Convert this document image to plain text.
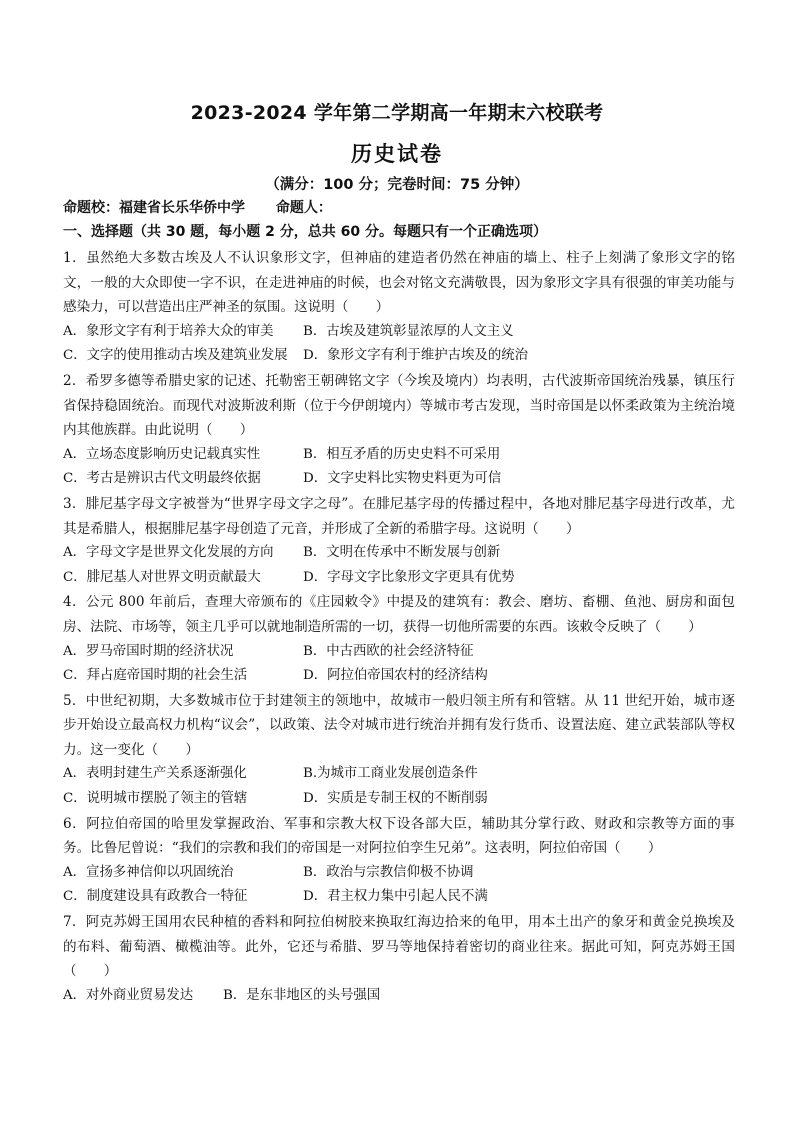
2023-2024 学年第二学期高一年期末六校联考
历史试卷
（满分：100 分；完卷时间：75 分钟）
命题校：福建省长乐华侨中学 命题人：
一、选择题（共 30 题，每小题 2 分，总共 60 分。每题只有一个正确选项）
1．虽然绝大多数古埃及人不认识象形文字，但神庙的建造者仍然在神庙的墙上、柱子上刻满了象形文字的铭文，一般的大众即使一字不识，在走进神庙的时候，也会对铭文充满敬畏，因为象形文字具有很强的审美功能与感染力，可以营造出庄严神圣的氛围。这说明（　　）
A．象形文字有利于培养大众的审美	B．古埃及建筑彰显浓厚的人文主义
C．文字的使用推动古埃及建筑业发展	D．象形文字有利于维护古埃及的统治
2．希罗多德等希腊史家的记述、托勒密王朝碑铭文字（今埃及境内）均表明，古代波斯帝国统治残暴，镇压行省保持稳固统治。而现代对波斯波利斯（位于今伊朗境内）等城市考古发现，当时帝国是以怀柔政策为主统治境内其他族群。由此说明（　　）
A．立场态度影响历史记载真实性	B．相互矛盾的历史史料不可采用
C．考古是辨识古代文明最终依据	D．文字史料比实物史料更为可信
3．腓尼基字母文字被誉为“世界字母文字之母”。在腓尼基字母的传播过程中，各地对腓尼基字母进行改革，尤其是希腊人，根据腓尼基字母创造了元音，并形成了全新的希腊字母。这说明（　　）
A．字母文字是世界文化发展的方向	B．文明在传承中不断发展与创新
C．腓尼基人对世界文明贡献最大	D．字母文字比象形文字更具有优势
4．公元 800 年前后，查理大帝颁布的《庄园敕令》中提及的建筑有：教会、磨坊、畜棚、鱼池、厨房和面包房、法院、市场等，领主几乎可以就地制造所需的一切，获得一切他所需要的东西。该敕令反映了（　　）
A．罗马帝国时期的经济状况	B．中古西欧的社会经济特征
C．拜占庭帝国时期的社会生活	D．阿拉伯帝国农村的经济结构
5．中世纪初期，大多数城市位于封建领主的领地中，故城市一般归领主所有和管辖。从 11 世纪开始，城市逐步开始设立最高权力机构“议会”，以政策、法令对城市进行统治并拥有发行货币、设置法庭、建立武装部队等权力。这一变化（　　）
A．表明封建生产关系逐渐强化	B.为城市工商业发展创造条件
C．说明城市摆脱了领主的管辖	D．实质是专制王权的不断削弱
6．阿拉伯帝国的哈里发掌握政治、军事和宗教大权下设各部大臣，辅助其分掌行政、财政和宗教等方面的事务。比鲁尼曾说：“我们的宗教和我们的帝国是一对阿拉伯孪生兄弟”。这表明，阿拉伯帝国（　　）
A．宣扬多神信仰以巩固统治	B．政治与宗教信仰极不协调
C．制度建设具有政教合一特征	D．君主权力集中引起人民不满
7．阿克苏姆王国用农民种植的香料和阿拉伯树胶来换取红海边拾来的龟甲，用本土出产的象牙和黄金兑换埃及的布料、葡萄酒、橄榄油等。此外，它还与希腊、罗马等地保持着密切的商业往来。据此可知，阿克苏姆王国（　　）
A．对外商业贸易发达	B．是东非地区的头号强国
